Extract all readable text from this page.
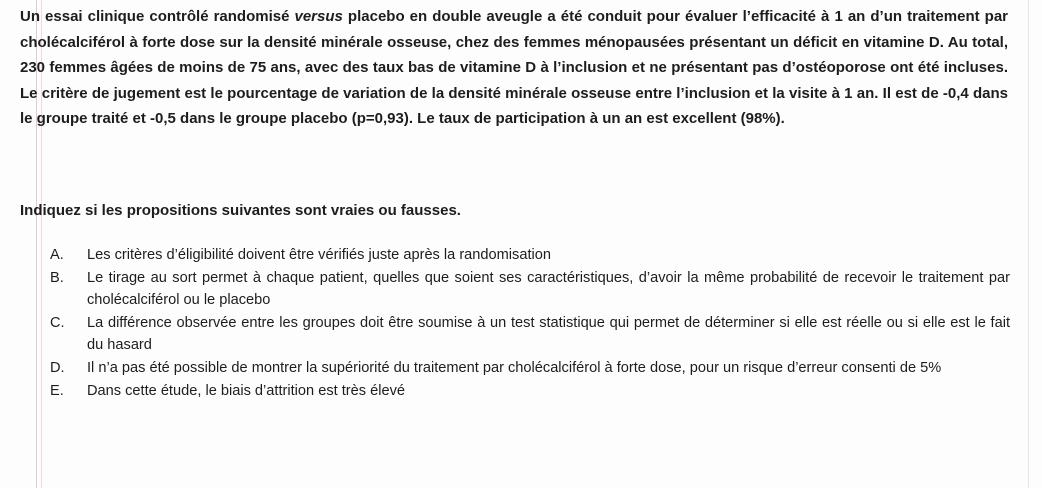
Un essai clinique contrôlé randomisé versus placebo en double aveugle a été conduit pour évaluer l’efficacité à 1 an d’un traitement par cholécalciférol à forte dose sur la densité minérale osseuse, chez des femmes ménopausées présentant un déficit en vitamine D. Au total, 230 femmes âgées de moins de 75 ans, avec des taux bas de vitamine D à l’inclusion et ne présentant pas d’ostéoporose ont été incluses. Le critère de jugement est le pourcentage de variation de la densité minérale osseuse entre l’inclusion et la visite à 1 an. Il est de -0,4 dans le groupe traité et -0,5 dans le groupe placebo (p=0,93). Le taux de participation à un an est excellent (98%).

Indiquez si les propositions suivantes sont vraies ou fausses.
A.	Les critères d’éligibilité doivent être vérifiés juste après la randomisation
B.	Le tirage au sort permet à chaque patient, quelles que soient ses caractéristiques, d’avoir la même probabilité de recevoir le traitement par cholécalciférol ou le placebo
C.	La différence observée entre les groupes doit être soumise à un test statistique qui permet de déterminer si elle est réelle ou si elle est le fait du hasard
D.	Il n’a pas été possible de montrer la supériorité du traitement par cholécalciférol à forte dose, pour un risque d’erreur consenti de 5%
E.	Dans cette étude, le biais d’attrition est très élevé
